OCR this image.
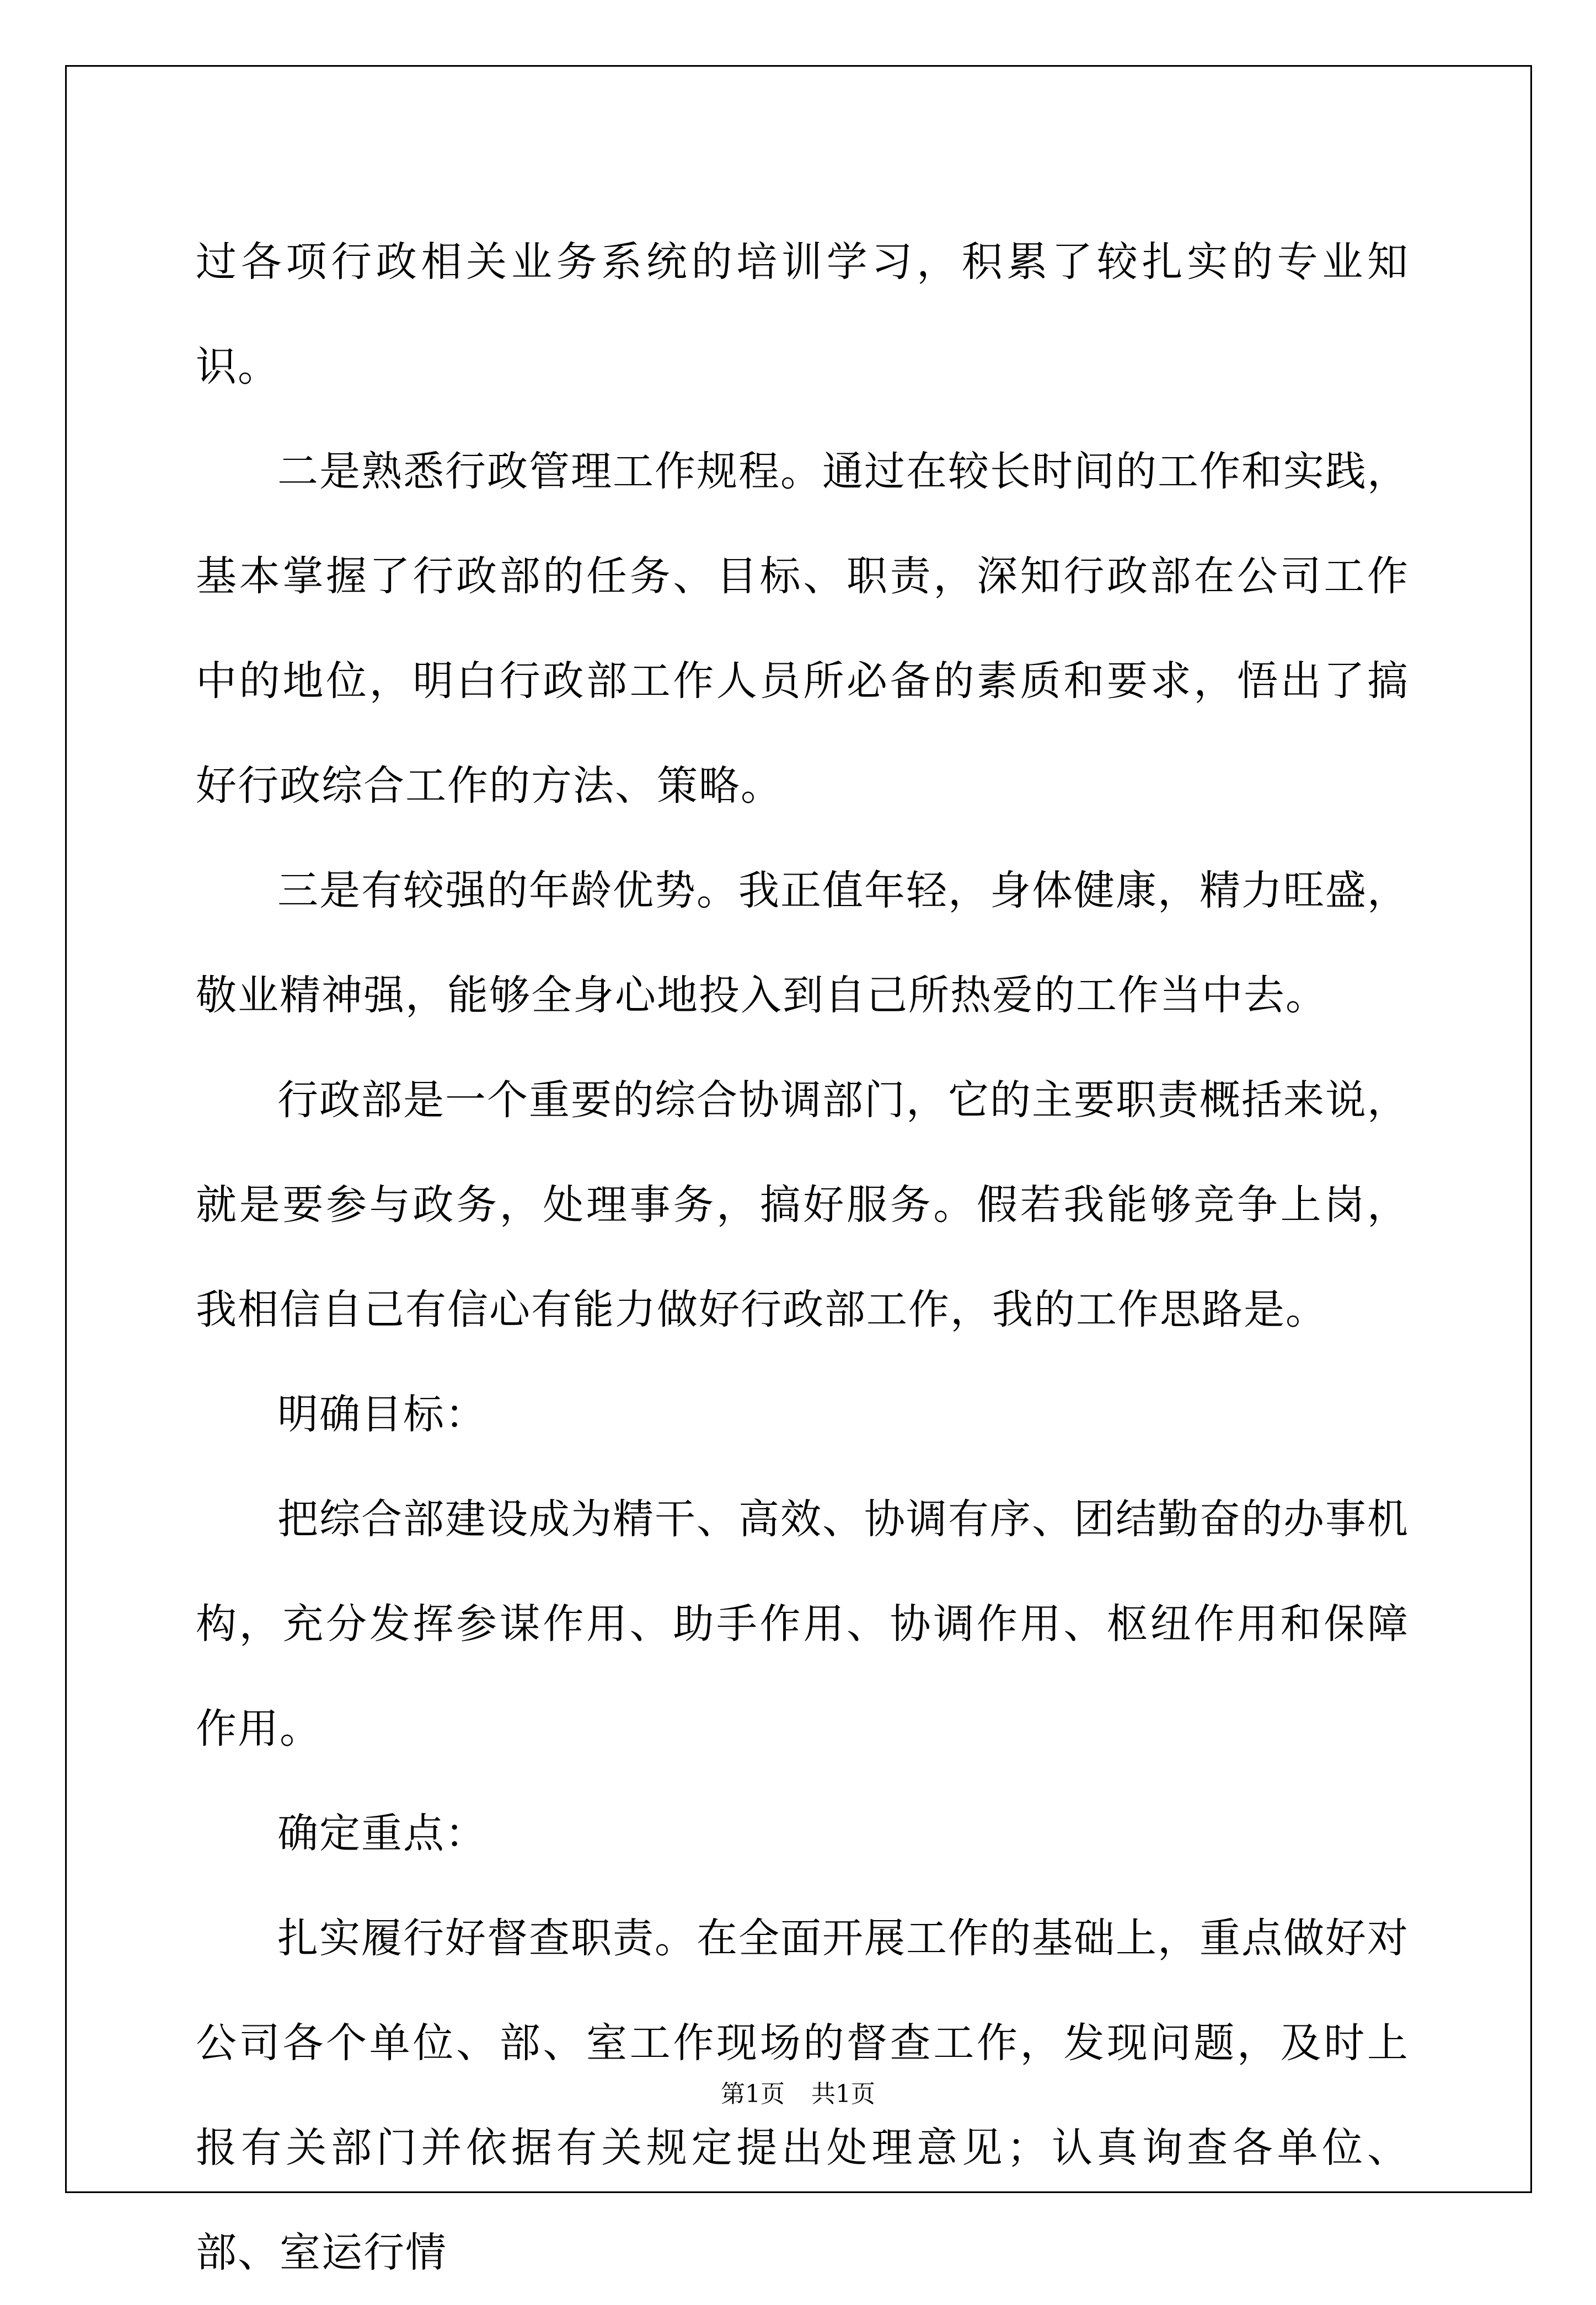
过各项行政相关业务系统的培训学习，积累了较扎实的专业知识。

二是熟悉行政管理工作规程。通过在较长时间的工作和实践，基本掌握了行政部的任务、目标、职责，深知行政部在公司工作中的地位，明白行政部工作人员所必备的素质和要求，悟出了搞好行政综合工作的方法、策略。

三是有较强的年龄优势。我正值年轻，身体健康，精力旺盛，敬业精神强，能够全身心地投入到自己所热爱的工作当中去。

行政部是一个重要的综合协调部门，它的主要职责概括来说，就是要参与政务，处理事务，搞好服务。假若我能够竞争上岗，我相信自己有信心有能力做好行政部工作，我的工作思路是。

明确目标：

把综合部建设成为精干、高效、协调有序、团结勤奋的办事机构，充分发挥参谋作用、助手作用、协调作用、枢纽作用和保障作用。

确定重点：

扎实履行好督查职责。在全面开展工作的基础上，重点做好对公司各个单位、部、室工作现场的督查工作，发现问题，及时上报有关部门并依据有关规定提出处理意见；认真询查各单位、部、室运行情

第1页 共1页
